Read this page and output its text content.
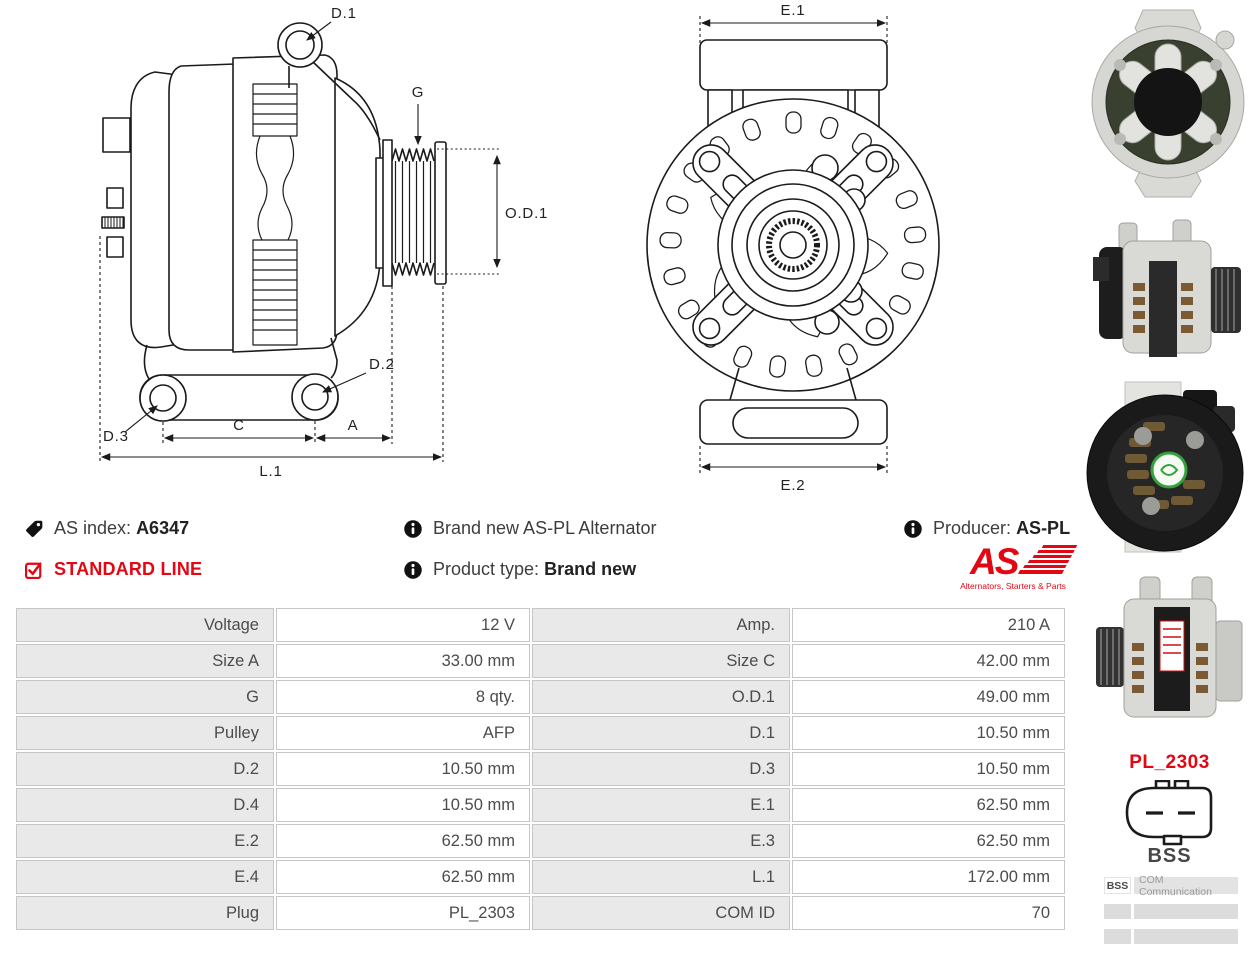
D.1
G
O.D.1
D.2
D.3
C	A
L.1
E.1
E.2
PL_2303
BSS
BSS	COM Communication
AS index: A6347
STANDARD LINE
Brand new AS-PL Alternator
Product type: Brand new
Producer: AS-PL
AS
Alternators, Starters & Parts
Voltage	12 V	Amp.	210 A
Size A	33.00 mm	Size C	42.00 mm
G	8 qty.	O.D.1	49.00 mm
Pulley	AFP	D.1	10.50 mm
D.2	10.50 mm	D.3	10.50 mm
D.4	10.50 mm	E.1	62.50 mm
E.2	62.50 mm	E.3	62.50 mm
E.4	62.50 mm	L.1	172.00 mm
Plug	PL_2303	COM ID	70
